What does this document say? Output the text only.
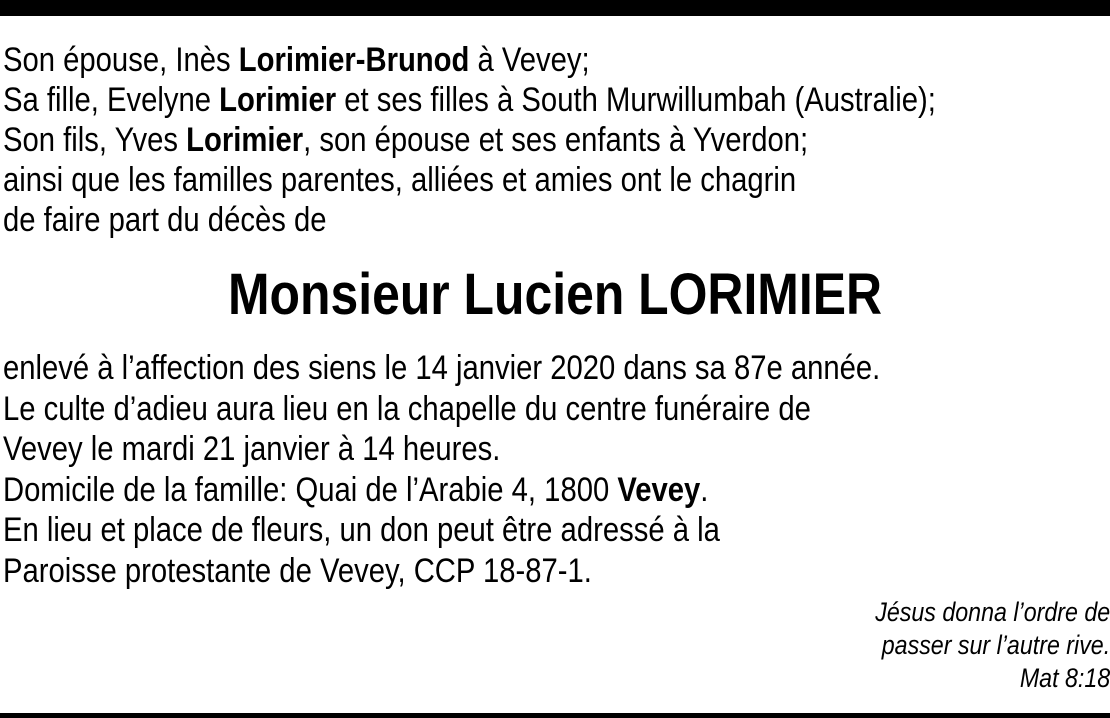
Son épouse, Inès Lorimier-Brunod à Vevey;
Sa fille, Evelyne Lorimier et ses filles à South Murwillumbah (Australie);
Son fils, Yves Lorimier, son épouse et ses enfants à Yverdon;
ainsi que les familles parentes, alliées et amies ont le chagrin
de faire part du décès de
Monsieur Lucien LORIMIER
enlevé à l’affection des siens le 14 janvier 2020 dans sa 87e année.
Le culte d’adieu aura lieu en la chapelle du centre funéraire de
Vevey le mardi 21 janvier à 14 heures.
Domicile de la famille: Quai de l’Arabie 4, 1800 Vevey.
En lieu et place de fleurs, un don peut être adressé à la
Paroisse protestante de Vevey, CCP 18-87-1.
Jésus donna l’ordre de
passer sur l’autre rive.
Mat 8:18
